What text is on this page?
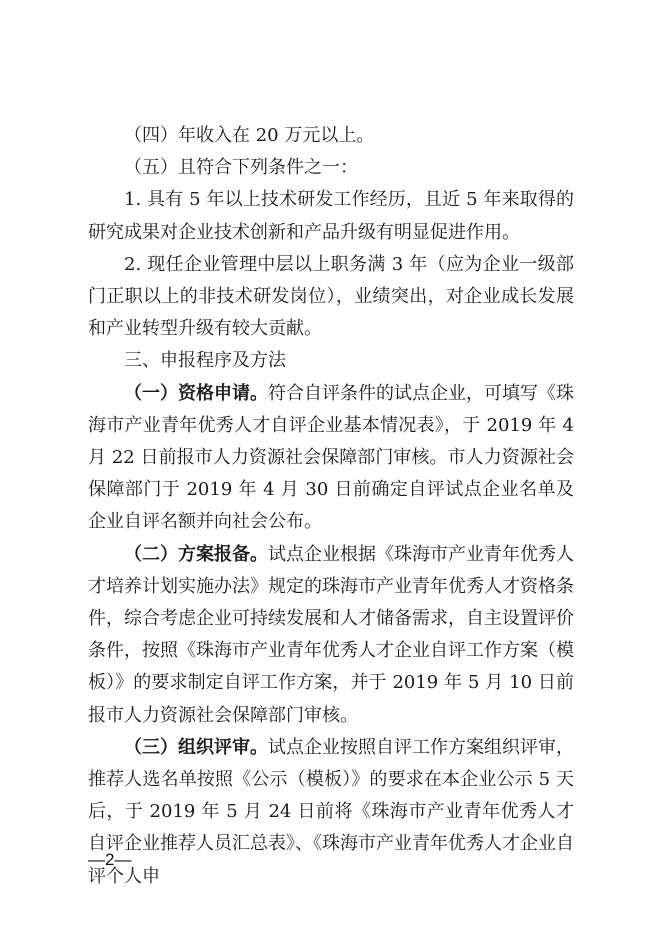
（四）年收入在 20 万元以上。

（五）且符合下列条件之一：

1. 具有 5 年以上技术研发工作经历，且近 5 年来取得的研究成果对企业技术创新和产品升级有明显促进作用。

2. 现任企业管理中层以上职务满 3 年（应为企业一级部门正职以上的非技术研发岗位），业绩突出，对企业成长发展和产业转型升级有较大贡献。

三、申报程序及方法

（一）资格申请。符合自评条件的试点企业，可填写《珠海市产业青年优秀人才自评企业基本情况表》，于 2019 年 4 月 22 日前报市人力资源社会保障部门审核。市人力资源社会保障部门于 2019 年 4 月 30 日前确定自评试点企业名单及企业自评名额并向社会公布。

（二）方案报备。试点企业根据《珠海市产业青年优秀人才培养计划实施办法》规定的珠海市产业青年优秀人才资格条件，综合考虑企业可持续发展和人才储备需求，自主设置评价条件，按照《珠海市产业青年优秀人才企业自评工作方案（模板）》的要求制定自评工作方案，并于 2019 年 5 月 10 日前报市人力资源社会保障部门审核。

（三）组织评审。试点企业按照自评工作方案组织评审，推荐人选名单按照《公示（模板）》的要求在本企业公示 5 天后，于 2019 年 5 月 24 日前将《珠海市产业青年优秀人才自评企业推荐人员汇总表》、《珠海市产业青年优秀人才企业自评个人申

—2—
